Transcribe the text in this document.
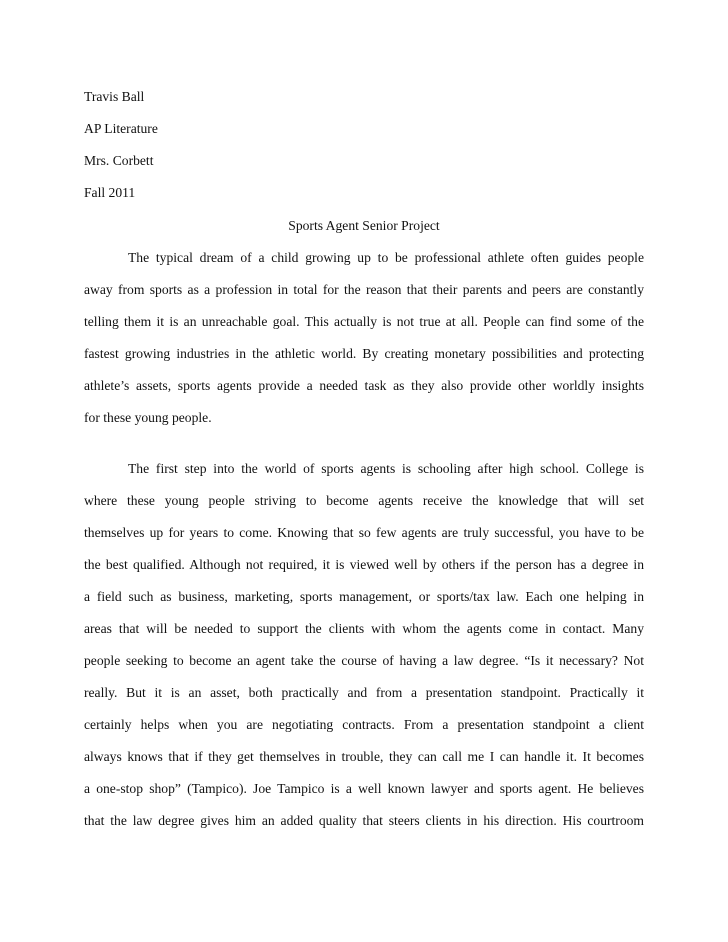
Travis Ball
AP Literature
Mrs. Corbett
Fall 2011
Sports Agent Senior Project
The typical dream of a child growing up to be professional athlete often guides people
away from sports as a profession in total for the reason that their parents and peers are constantly
telling them it is an unreachable goal. This actually is not true at all. People can find some of the
fastest growing industries in the athletic world. By creating monetary possibilities and protecting
athlete’s assets, sports agents provide a needed task as they also provide other worldly insights
for these young people.
The first step into the world of sports agents is schooling after high school. College is
where these young people striving to become agents receive the knowledge that will set
themselves up for years to come. Knowing that so few agents are truly successful, you have to be
the best qualified. Although not required, it is viewed well by others if the person has a degree in
a field such as business, marketing, sports management, or sports/tax law. Each one helping in
areas that will be needed to support the clients with whom the agents come in contact. Many
people seeking to become an agent take the course of having a law degree. “Is it necessary? Not
really. But it is an asset, both practically and from a presentation standpoint. Practically it
certainly helps when you are negotiating contracts. From a presentation standpoint a client
always knows that if they get themselves in trouble, they can call me I can handle it. It becomes
a one-stop shop” (Tampico). Joe Tampico is a well known lawyer and sports agent. He believes
that the law degree gives him an added quality that steers clients in his direction. His courtroom
